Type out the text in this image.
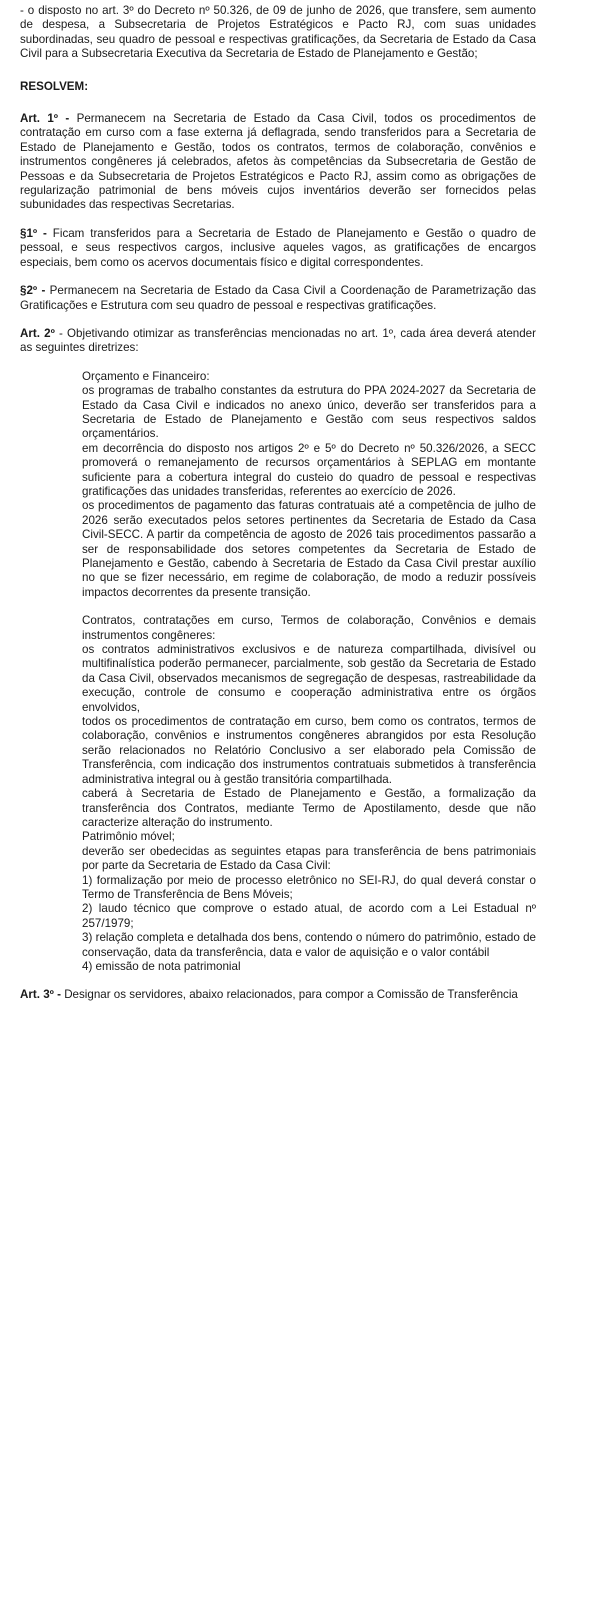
- o disposto no art. 3º do Decreto nº 50.326, de 09 de junho de 2026, que transfere, sem aumento de despesa, a Subsecretaria de Projetos Estratégicos e Pacto RJ, com suas unidades subordinadas, seu quadro de pessoal e respectivas gratificações, da Secretaria de Estado da Casa Civil para a Subsecretaria Executiva da Secretaria de Estado de Planejamento e Gestão;

RESOLVEM:

Art. 1º - Permanecem na Secretaria de Estado da Casa Civil, todos os procedimentos de contratação em curso com a fase externa já deflagrada, sendo transferidos para a Secretaria de Estado de Planejamento e Gestão, todos os contratos, termos de colaboração, convênios e instrumentos congêneres já celebrados, afetos às competências da Subsecretaria de Gestão de Pessoas e da Subsecretaria de Projetos Estratégicos e Pacto RJ, assim como as obrigações de regularização patrimonial de bens móveis cujos inventários deverão ser fornecidos pelas subunidades das respectivas Secretarias.

§1º - Ficam transferidos para a Secretaria de Estado de Planejamento e Gestão o quadro de pessoal, e seus respectivos cargos, inclusive aqueles vagos, as gratificações de encargos especiais, bem como os acervos documentais físico e digital correspondentes.

§2º - Permanecem na Secretaria de Estado da Casa Civil a Coordenação de Parametrização das Gratificações e Estrutura com seu quadro de pessoal e respectivas gratificações.

Art. 2º - Objetivando otimizar as transferências mencionadas no art. 1º, cada área deverá atender as seguintes diretrizes:

Orçamento e Financeiro:

os programas de trabalho constantes da estrutura do PPA 2024-2027 da Secretaria de Estado da Casa Civil e indicados no anexo único, deverão ser transferidos para a Secretaria de Estado de Planejamento e Gestão com seus respectivos saldos orçamentários.

em decorrência do disposto nos artigos 2º e 5º do Decreto nº 50.326/2026, a SECC promoverá o remanejamento de recursos orçamentários à SEPLAG em montante suficiente para a cobertura integral do custeio do quadro de pessoal e respectivas gratificações das unidades transferidas, referentes ao exercício de 2026.

os procedimentos de pagamento das faturas contratuais até a competência de julho de 2026 serão executados pelos setores pertinentes da Secretaria de Estado da Casa Civil-SECC. A partir da competência de agosto de 2026 tais procedimentos passarão a ser de responsabilidade dos setores competentes da Secretaria de Estado de Planejamento e Gestão, cabendo à Secretaria de Estado da Casa Civil prestar auxílio no que se fizer necessário, em regime de colaboração, de modo a reduzir possíveis impactos decorrentes da presente transição.

Contratos, contratações em curso, Termos de colaboração, Convênios e demais instrumentos congêneres:

os contratos administrativos exclusivos e de natureza compartilhada, divisível ou multifinalística poderão permanecer, parcialmente, sob gestão da Secretaria de Estado da Casa Civil, observados mecanismos de segregação de despesas, rastreabilidade da execução, controle de consumo e cooperação administrativa entre os órgãos envolvidos,

todos os procedimentos de contratação em curso, bem como os contratos, termos de colaboração, convênios e instrumentos congêneres abrangidos por esta Resolução serão relacionados no Relatório Conclusivo a ser elaborado pela Comissão de Transferência, com indicação dos instrumentos contratuais submetidos à transferência administrativa integral ou à gestão transitória compartilhada.

caberá à Secretaria de Estado de Planejamento e Gestão, a formalização da transferência dos Contratos, mediante Termo de Apostilamento, desde que não caracterize alteração do instrumento.

Patrimônio móvel;

deverão ser obedecidas as seguintes etapas para transferência de bens patrimoniais por parte da Secretaria de Estado da Casa Civil:

1) formalização por meio de processo eletrônico no SEI-RJ, do qual deverá constar o Termo de Transferência de Bens Móveis;

2) laudo técnico que comprove o estado atual, de acordo com a Lei Estadual nº 257/1979;

3) relação completa e detalhada dos bens, contendo o número do patrimônio, estado de conservação, data da transferência, data e valor de aquisição e o valor contábil

4) emissão de nota patrimonial

Art. 3º - Designar os servidores, abaixo relacionados, para compor a Comissão de Transferência
